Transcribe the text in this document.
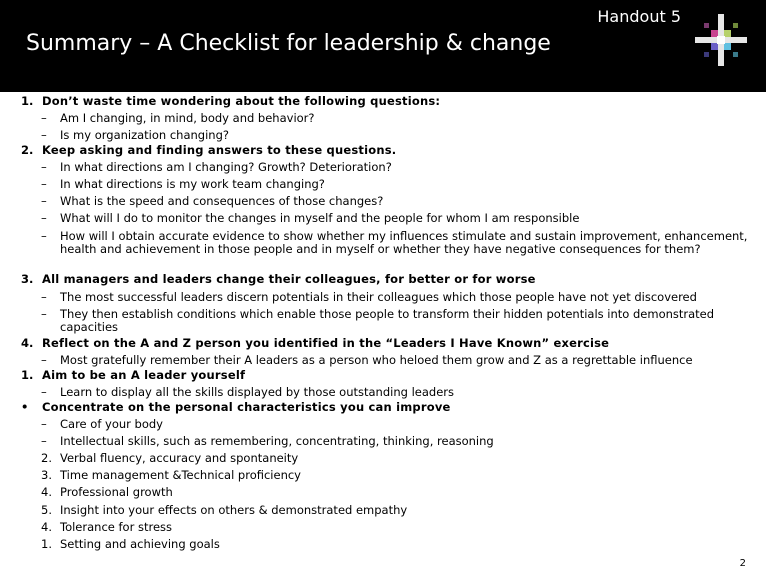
Handout 5
Summary – A Checklist for leadership & change
1. Don’t waste time wondering about the following questions:
– Am I changing, in mind, body and behavior?
– Is my organization changing?
2. Keep asking and finding answers to these questions.
– In what directions am I changing? Growth? Deterioration?
– In what directions is my work team changing?
– What is the speed and consequences of those changes?
– What will I do to monitor the changes in myself and the people for whom I am responsible
– How will I obtain accurate evidence to show whether my influences stimulate and sustain improvement, enhancement, health and achievement in those people and in myself or whether they have negative consequences for them?
3. All managers and leaders change their colleagues, for better or for worse
– The most successful leaders discern potentials in their colleagues which those people have not yet discovered
– They then establish conditions which enable those people to transform their hidden potentials into demonstrated capacities
4. Reflect on the A and Z person you identified in the “Leaders I Have Known” exercise
– Most gratefully remember their A leaders as a person who heloed them grow and Z as a regrettable influence
1. Aim to be an A leader yourself
– Learn to display all the skills displayed by those outstanding leaders
• Concentrate on the personal characteristics you can improve
– Care of your body
– Intellectual skills, such as remembering, concentrating, thinking, reasoning
2. Verbal fluency, accuracy and spontaneity
3. Time management &Technical proficiency
4. Professional growth
5. Insight into your effects on others & demonstrated empathy
4. Tolerance for stress
1. Setting and achieving goals
2
